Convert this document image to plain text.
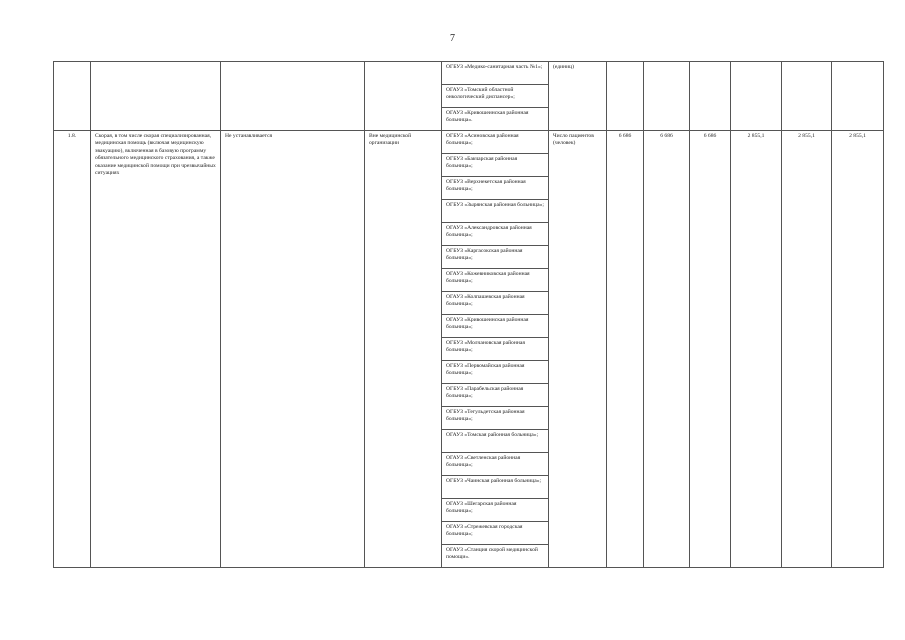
7
				ОГБУЗ «Медико-санитарная часть №1»;	(единиц)						
				ОГАУЗ «Томский областной онкологический диспансер»;							
				ОГАУЗ «Кривошеинская районная больница».							
1.8.	Скорая, в том числе скорая специализированная, медицинская помощь (включая медицинскую эвакуацию), включенная в базовую программу обязательного медицинского страхования, а также оказание медицинской помощи при чрезвычайных ситуациях	Не устанавливается	Вне медицинской организации	ОГБУЗ «Асиновская районная больница»;	Число пациентов (человек)	6 686	6 686	6 686	2 855,1	2 855,1	2 855,1
				ОГБУЗ «Бакчарская районная больница»;							
				ОГБУЗ «Верхнекетская районная больница»;							
				ОГБУЗ «Зырянская районная больница»;							
				ОГАУЗ «Александровская районная больница»;							
				ОГБУЗ «Каргасокская районная больница»;							
				ОГАУЗ «Кожевниковская районная больница»;							
				ОГАУЗ «Колпашевская районная больница»;							
				ОГАУЗ «Кривошеинская районная больница»;							
				ОГБУЗ «Молчановская районная больница»;							
				ОГБУЗ «Первомайская районная больница»;							
				ОГБУЗ «Парабельская районная больница»;							
				ОГБУЗ «Тегульдетская районная больница»;							
				ОГАУЗ «Томская районная больница»;							
				ОГАУЗ «Светленская районная больница»;							
				ОГБУЗ «Чаинская районная больница»;							
				ОГАУЗ «Шегарская районная больница»;							
				ОГАУЗ «Стрежевская городская больница»;							
				ОГАУЗ «Станция скорой медицинской помощи».							
